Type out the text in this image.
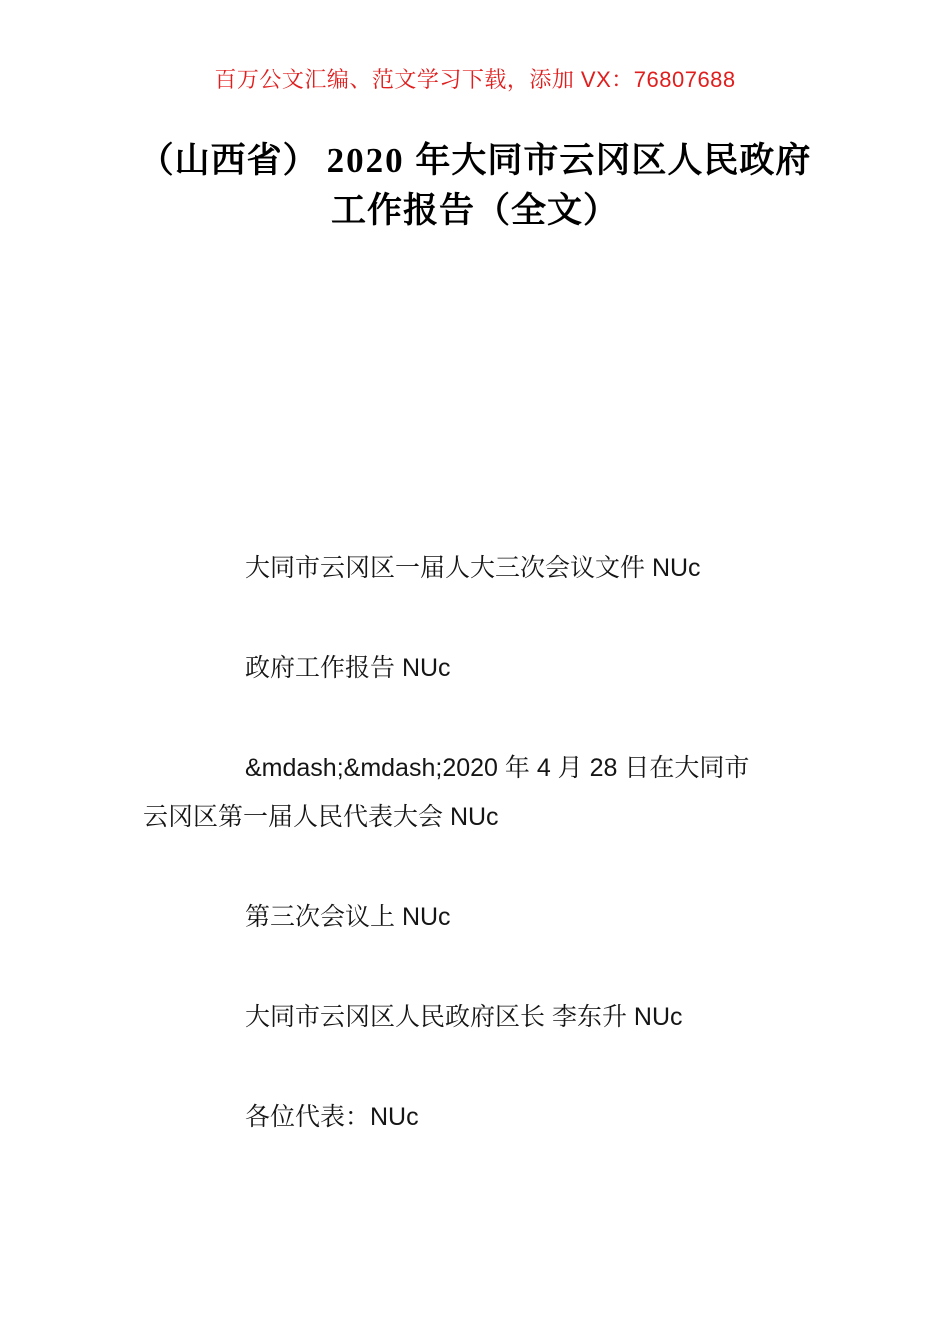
百万公文汇编、范文学习下载，添加 VX：76807688
（山西省） 2020 年大同市云冈区人民政府
工作报告（全文）

大同市云冈区一届人大三次会议文件 NUc

政府工作报告 NUc

&mdash;&mdash;2020 年 4 月 28 日在大同市
云冈区第一届人民代表大会 NUc

第三次会议上 NUc

大同市云冈区人民政府区长 李东升 NUc

各位代表：NUc
